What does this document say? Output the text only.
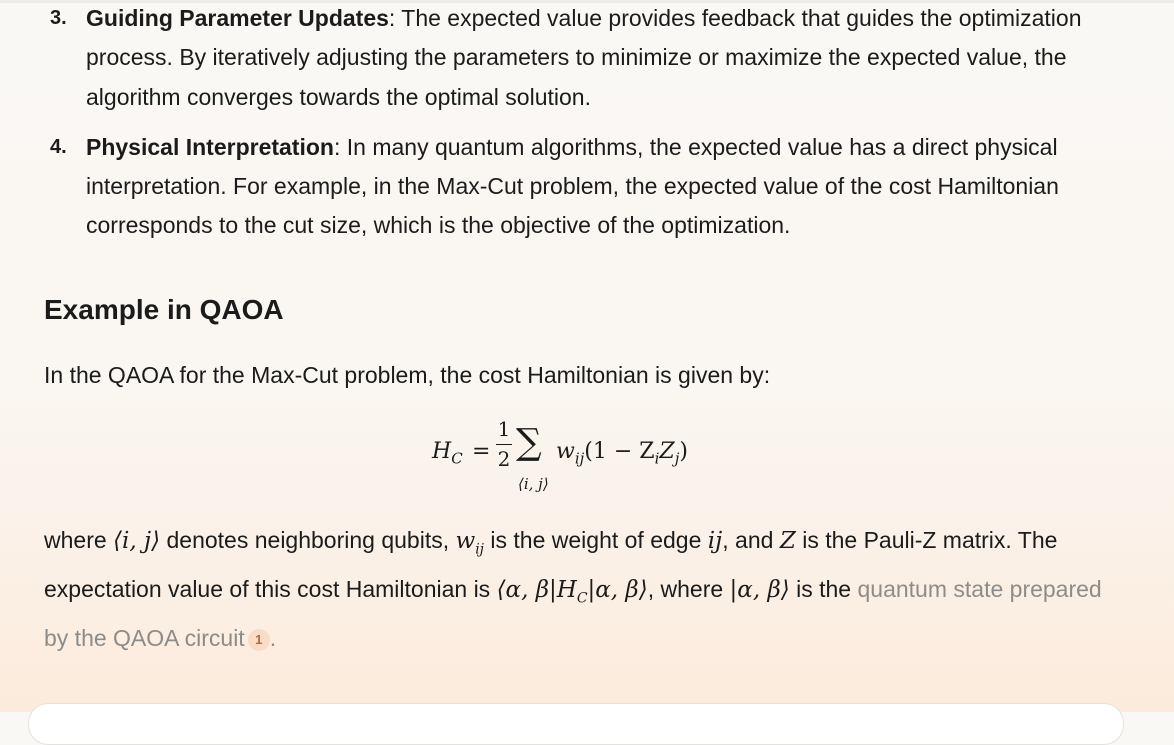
3. Guiding Parameter Updates: The expected value provides feedback that guides the optimization process. By iteratively adjusting the parameters to minimize or maximize the expected value, the algorithm converges towards the optimal solution.
4. Physical Interpretation: In many quantum algorithms, the expected value has a direct physical interpretation. For example, in the Max-Cut problem, the expected value of the cost Hamiltonian corresponds to the cut size, which is the objective of the optimization.
Example in QAOA

In the QAOA for the Max-Cut problem, the cost Hamiltonian is given by:

$H_C$ =
1
2 ∑
⟨i, j⟩
$w_{ij}(1 - Z_iZ_j)$

where ⟨i, j⟩ denotes neighboring qubits, $w_{ij}$ is the weight of edge ij, and Z is the Pauli-Z matrix. The expectation value of this cost Hamiltonian is ⟨α, $\beta|H_C|\alpha$, β⟩, where |α, β⟩ is the quantum state prepared by the QAOA circuit 1 .
